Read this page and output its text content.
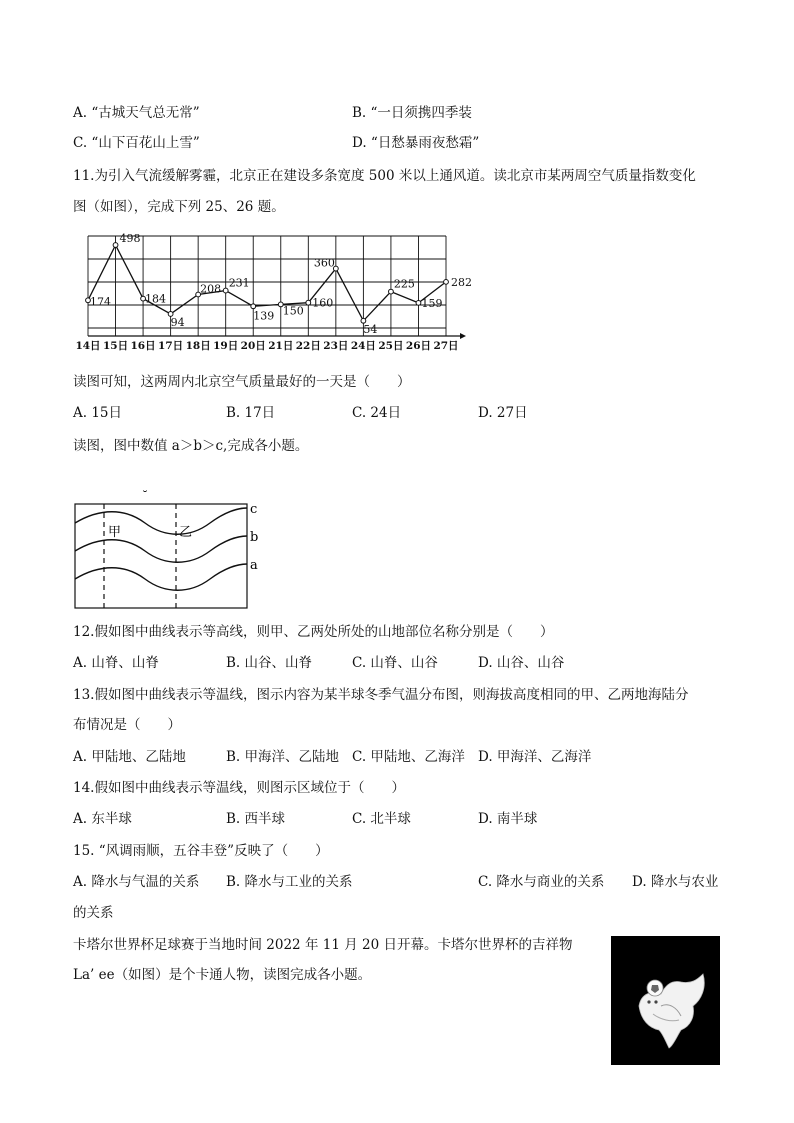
A. “古城天气总无常”	B. “一日须携四季装
C. “山下百花山上雪”	D. “日愁暴雨夜愁霜”
11.为引入气流缓解雾霾，北京正在建设多条宽度 500 米以上通风道。读北京市某两周空气质量指数变化
图（如图），完成下列 25、26 题。
174
498
184
94
208 231
139 150
160
360
54
225
159
282
14日 15日 16日 17日 18日 19日 20日 21日 22日 23日 24日 25日 26日 27日
读图可知，这两周内北京空气质量最好的一天是（　　）
A. 15日	B. 17日	C. 24日	D. 27日
读图，图中数值 a＞b＞c,完成各小题。
˘
甲	乙
c
b
a
12.假如图中曲线表示等高线，则甲、乙两处所处的山地部位名称分别是（　　）
A. 山脊、山脊	B. 山谷、山脊	C. 山脊、山谷	D. 山谷、山谷
13.假如图中曲线表示等温线，图示内容为某半球冬季气温分布图，则海拔高度相同的甲、乙两地海陆分
布情况是（　　）
A. 甲陆地、乙陆地	B. 甲海洋、乙陆地 C. 甲陆地、乙海洋 D. 甲海洋、乙海洋
14.假如图中曲线表示等温线，则图示区域位于（　　）
A. 东半球	B. 西半球	C. 北半球	D. 南半球
15. “风调雨顺，五谷丰登”反映了（　　）
A. 降水与气温的关系 B. 降水与工业的关系	C. 降水与商业的关系 D. 降水与农业
的关系
卡塔尔世界杯足球赛于当地时间 2022 年 11 月 20 日开幕。卡塔尔世界杯的吉祥物
La’ ee（如图）是个卡通人物，读图完成各小题。
